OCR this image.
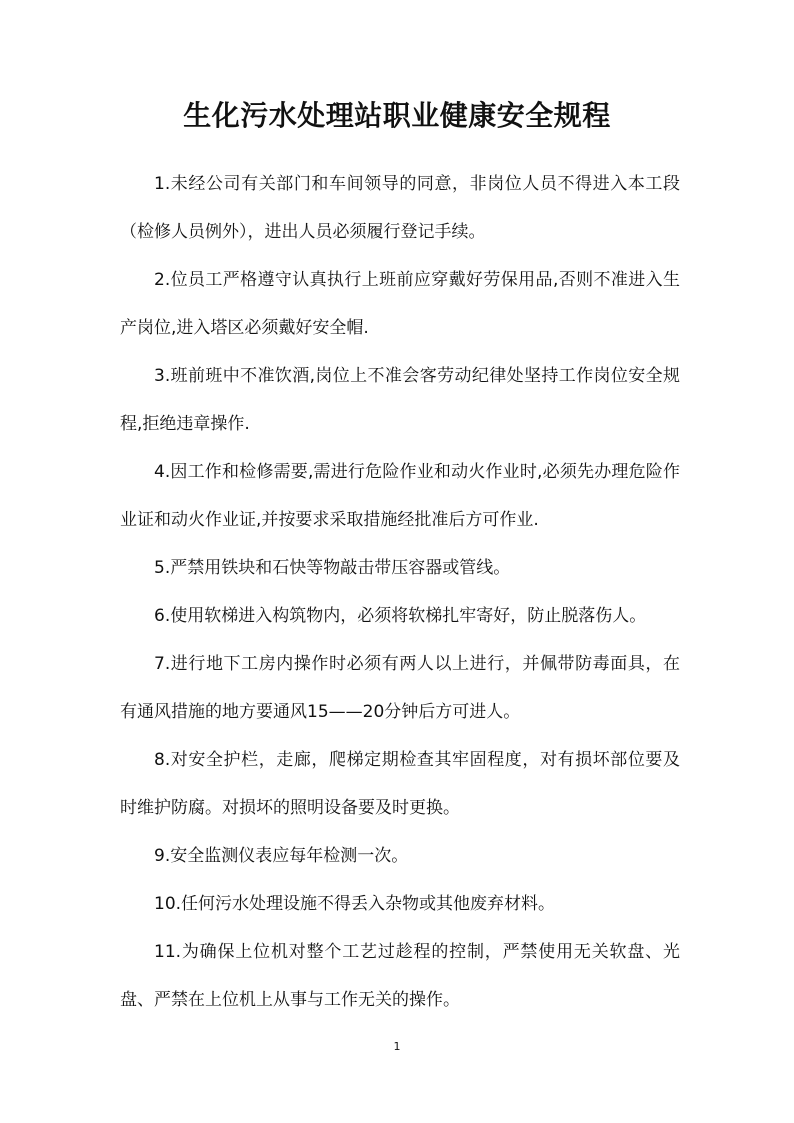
生化污水处理站职业健康安全规程

1.未经公司有关部门和车间领导的同意，非岗位人员不得进入本工段（检修人员例外），进出人员必须履行登记手续。

2.位员工严格遵守认真执行上班前应穿戴好劳保用品,否则不准进入生产岗位,进入塔区必须戴好安全帽.

3.班前班中不准饮酒,岗位上不准会客劳动纪律处坚持工作岗位安全规程,拒绝违章操作.

4.因工作和检修需要,需进行危险作业和动火作业时,必须先办理危险作业证和动火作业证,并按要求采取措施经批准后方可作业.

5.严禁用铁块和石快等物敲击带压容器或管线。

6.使用软梯进入构筑物内，必须将软梯扎牢寄好，防止脱落伤人。

7.进行地下工房内操作时必须有两人以上进行，并佩带防毒面具，在有通风措施的地方要通风15——20分钟后方可进人。

8.对安全护栏，走廊，爬梯定期检查其牢固程度，对有损坏部位要及时维护防腐。对损坏的照明设备要及时更换。

9.安全监测仪表应每年检测一次。

10.任何污水处理设施不得丢入杂物或其他废弃材料。

11.为确保上位机对整个工艺过趁程的控制，严禁使用无关软盘、光盘、严禁在上位机上从事与工作无关的操作。

1
